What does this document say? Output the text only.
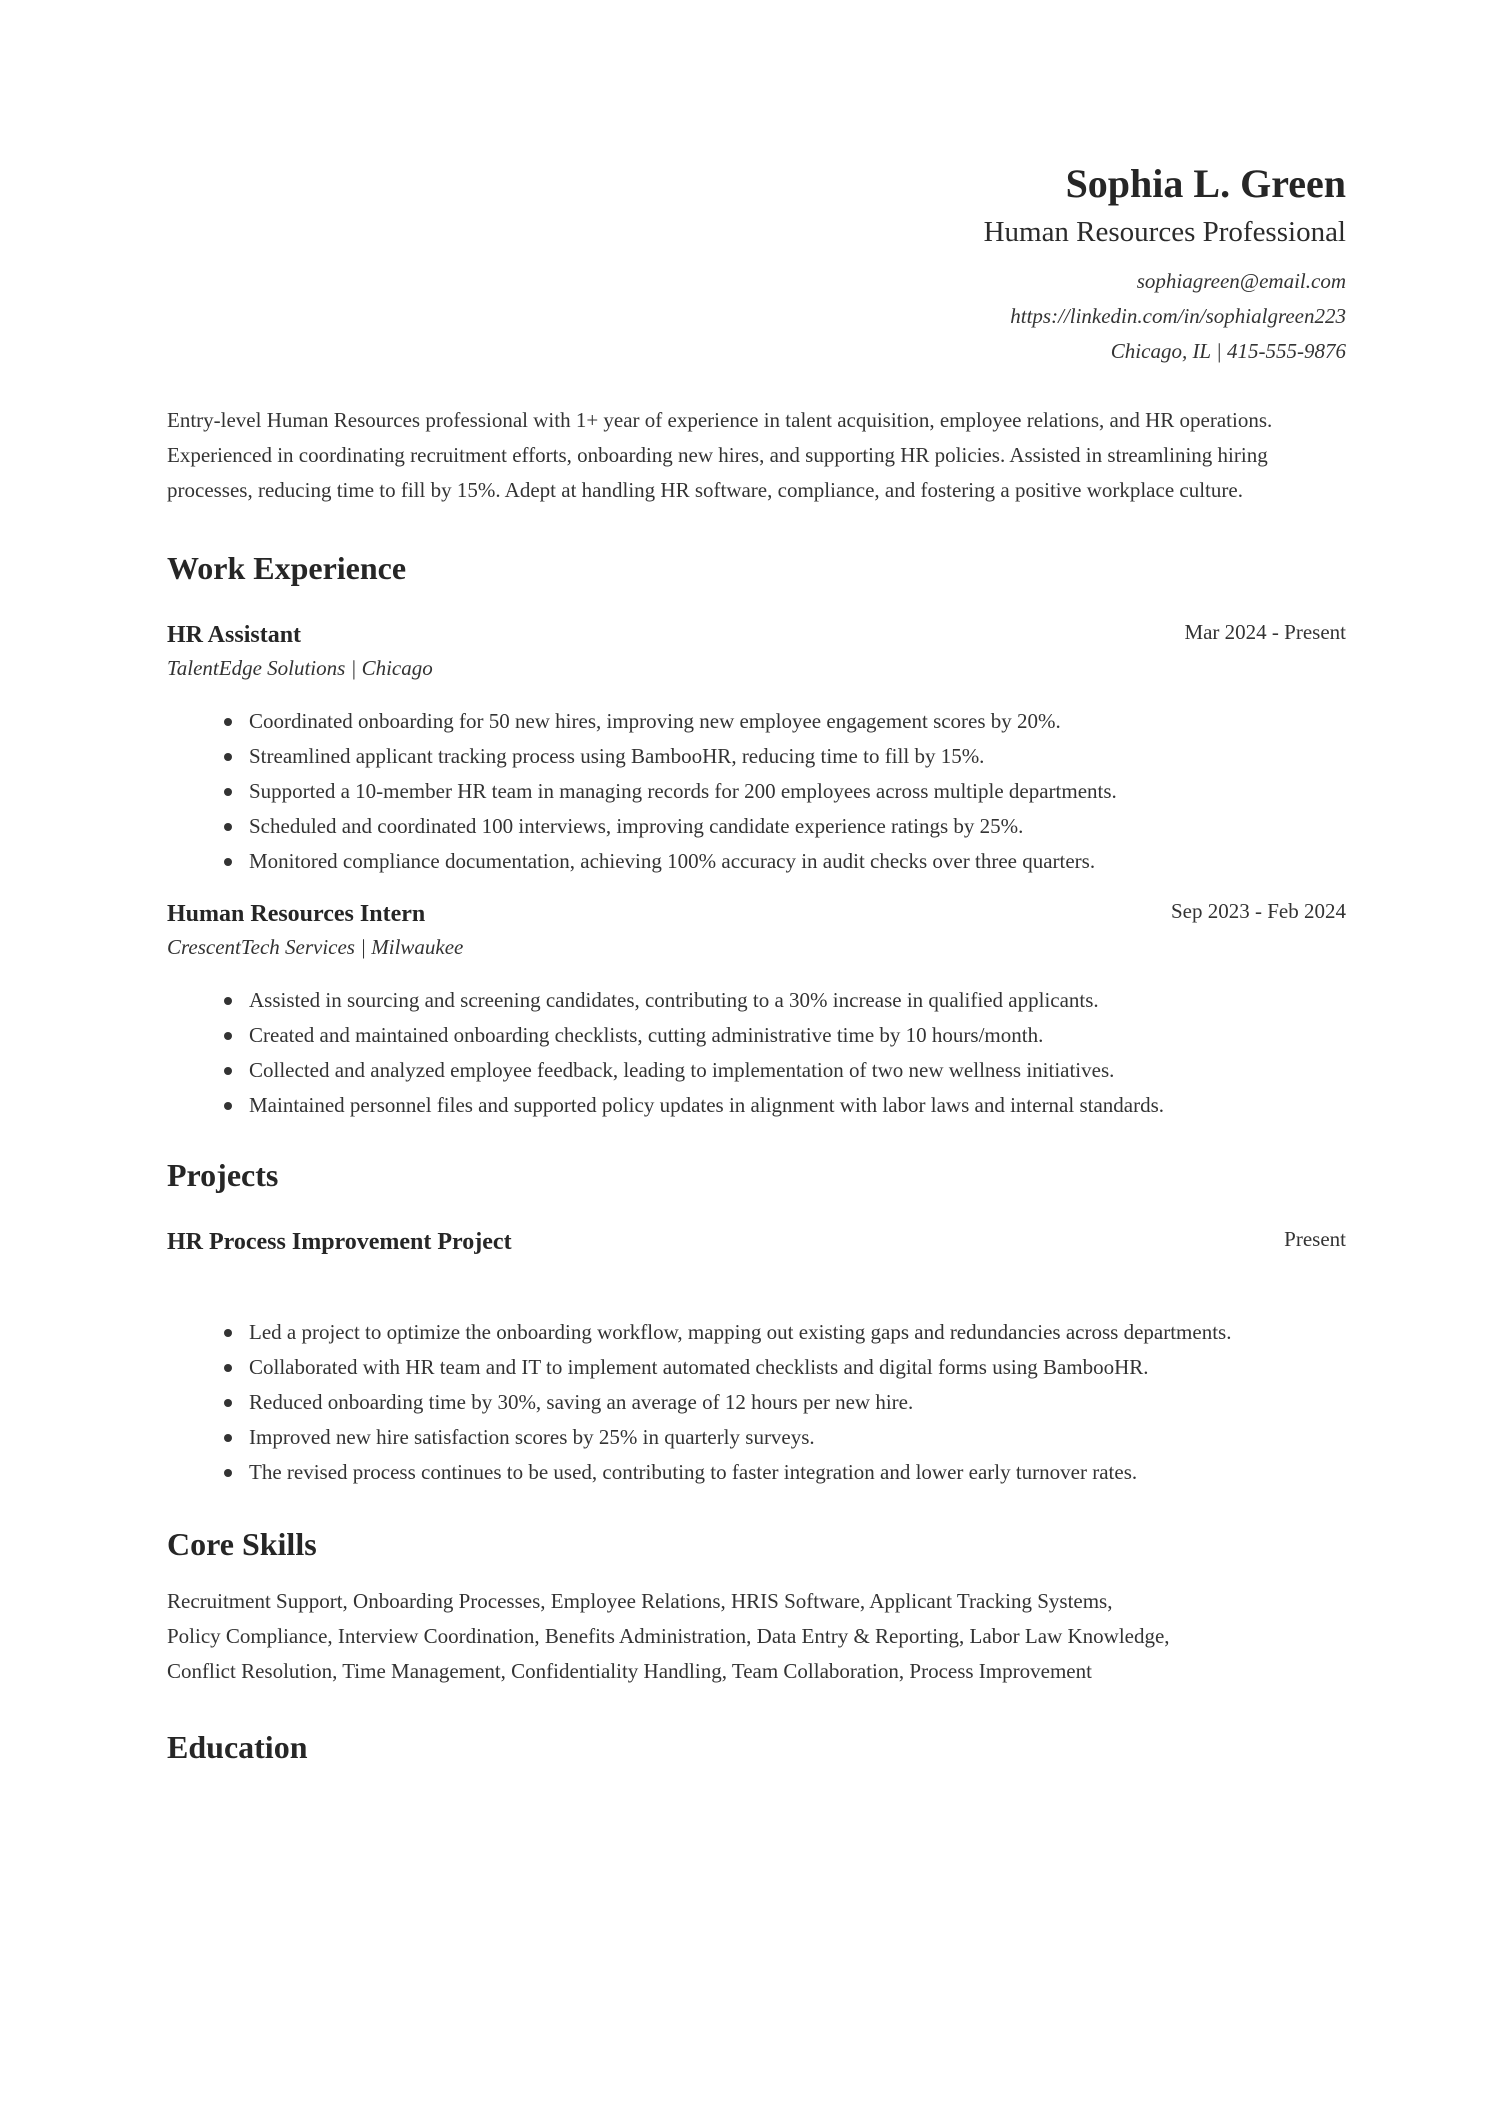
Sophia L. Green
Human Resources Professional
sophiagreen@email.com
https://linkedin.com/in/sophialgreen223
Chicago, IL | 415-555-9876

Entry-level Human Resources professional with 1+ year of experience in talent acquisition, employee relations, and HR operations. Experienced in coordinating recruitment efforts, onboarding new hires, and supporting HR policies. Assisted in streamlining hiring processes, reducing time to fill by 15%. Adept at handling HR software, compliance, and fostering a positive workplace culture.

Work Experience
HR Assistant	Mar 2024 - Present
TalentEdge Solutions | Chicago
Coordinated onboarding for 50 new hires, improving new employee engagement scores by 20%.
Streamlined applicant tracking process using BambooHR, reducing time to fill by 15%.
Supported a 10-member HR team in managing records for 200 employees across multiple departments.
Scheduled and coordinated 100 interviews, improving candidate experience ratings by 25%.
Monitored compliance documentation, achieving 100% accuracy in audit checks over three quarters.
Human Resources Intern	Sep 2023 - Feb 2024
CrescentTech Services | Milwaukee
Assisted in sourcing and screening candidates, contributing to a 30% increase in qualified applicants.
Created and maintained onboarding checklists, cutting administrative time by 10 hours/month.
Collected and analyzed employee feedback, leading to implementation of two new wellness initiatives.
Maintained personnel files and supported policy updates in alignment with labor laws and internal standards.
Projects
HR Process Improvement Project	Present
Led a project to optimize the onboarding workflow, mapping out existing gaps and redundancies across departments.
Collaborated with HR team and IT to implement automated checklists and digital forms using BambooHR.
Reduced onboarding time by 30%, saving an average of 12 hours per new hire.
Improved new hire satisfaction scores by 25% in quarterly surveys.
The revised process continues to be used, contributing to faster integration and lower early turnover rates.
Core Skills
Recruitment Support, Onboarding Processes, Employee Relations, HRIS Software, Applicant Tracking Systems,
Policy Compliance, Interview Coordination, Benefits Administration, Data Entry & Reporting, Labor Law Knowledge,
Conflict Resolution, Time Management, Confidentiality Handling, Team Collaboration, Process Improvement
Education
